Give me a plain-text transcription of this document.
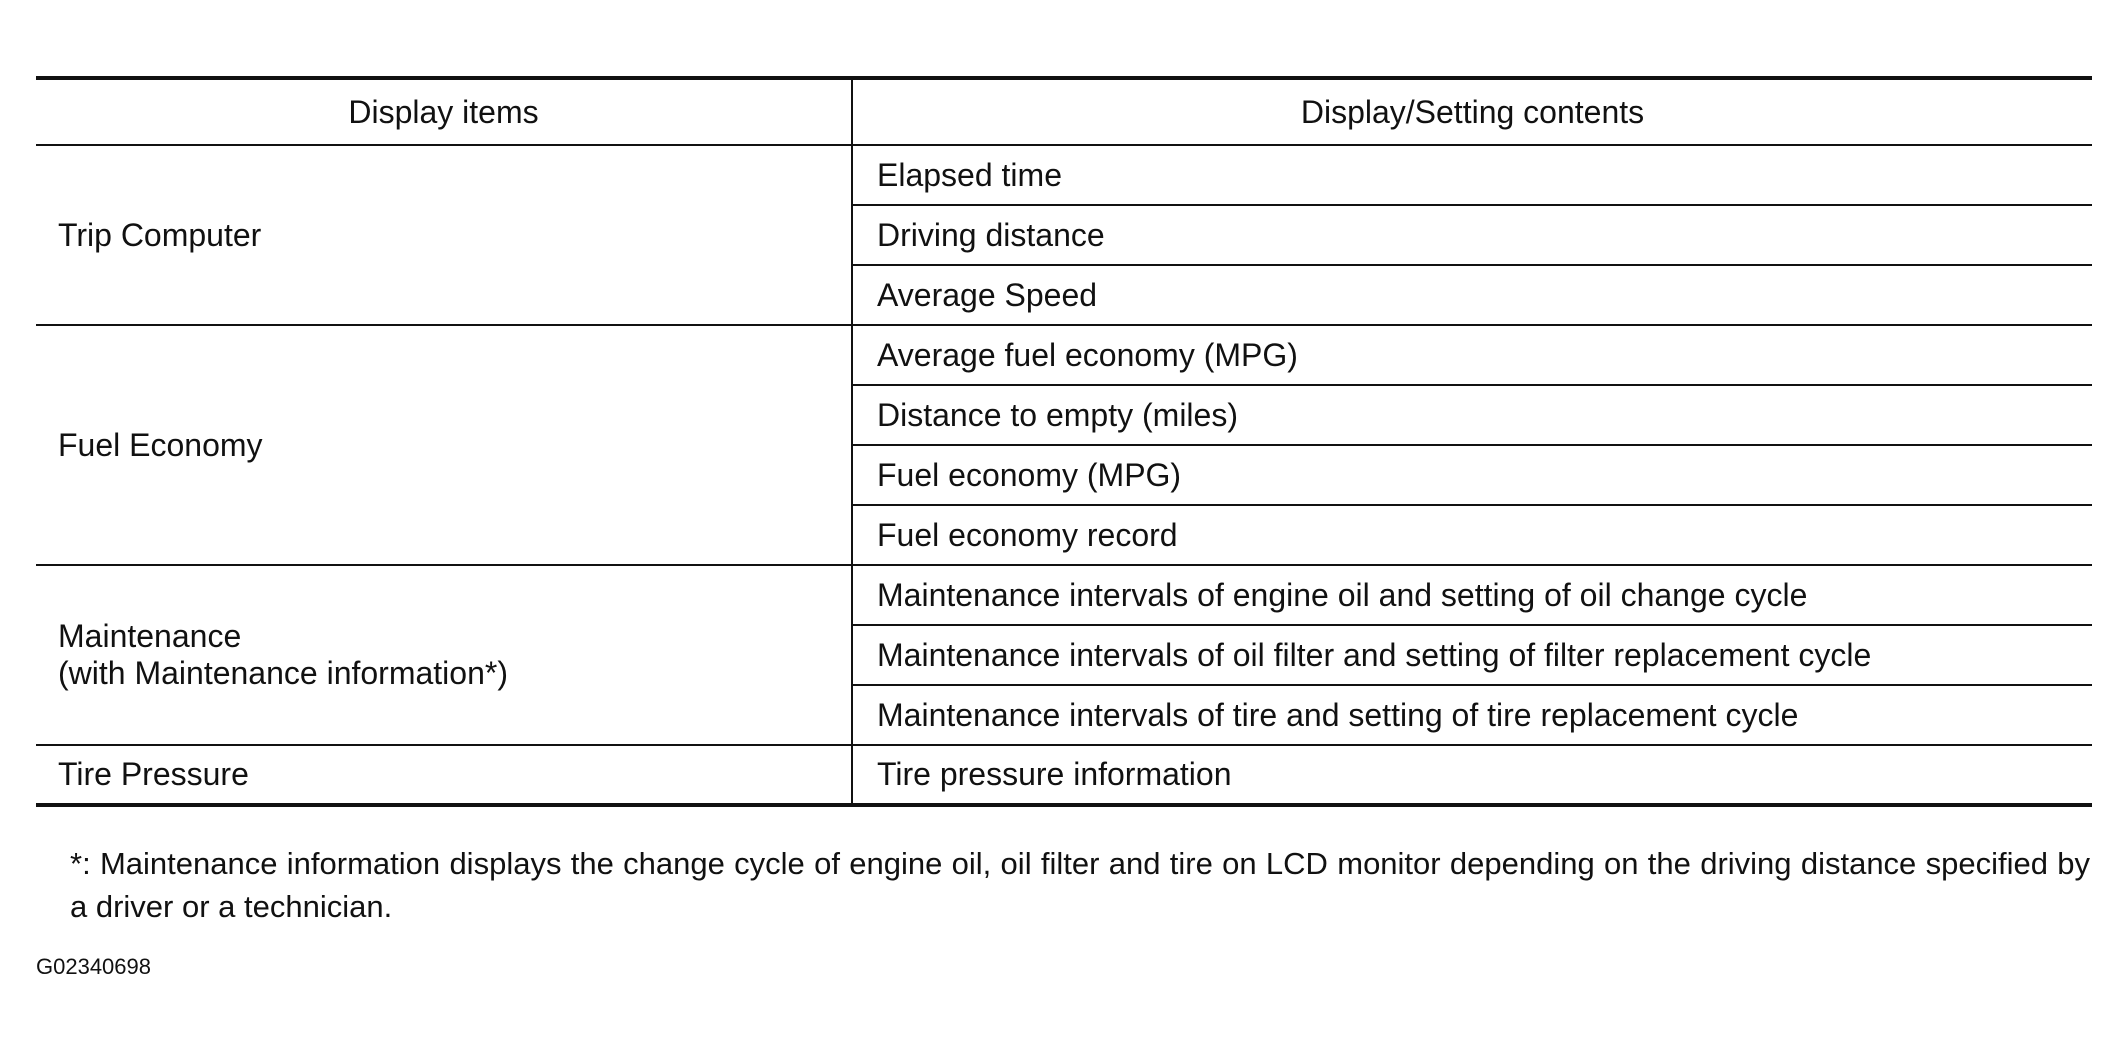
Display items	Display/Setting contents
Trip Computer	Elapsed time
	Driving distance
	Average Speed
Fuel Economy	Average fuel economy (MPG)
	Distance to empty (miles)
	Fuel economy (MPG)
	Fuel economy record

Maintenance
(with Maintenance information*)	Maintenance intervals of engine oil and setting of oil change cycle
	Maintenance intervals of oil filter and setting of filter replacement cycle
	Maintenance intervals of tire and setting of tire replacement cycle
Tire Pressure	Tire pressure information
*: Maintenance information displays the change cycle of engine oil, oil filter and tire on LCD monitor depending on the driving distance specified by a driver or a technician.
G02340698
